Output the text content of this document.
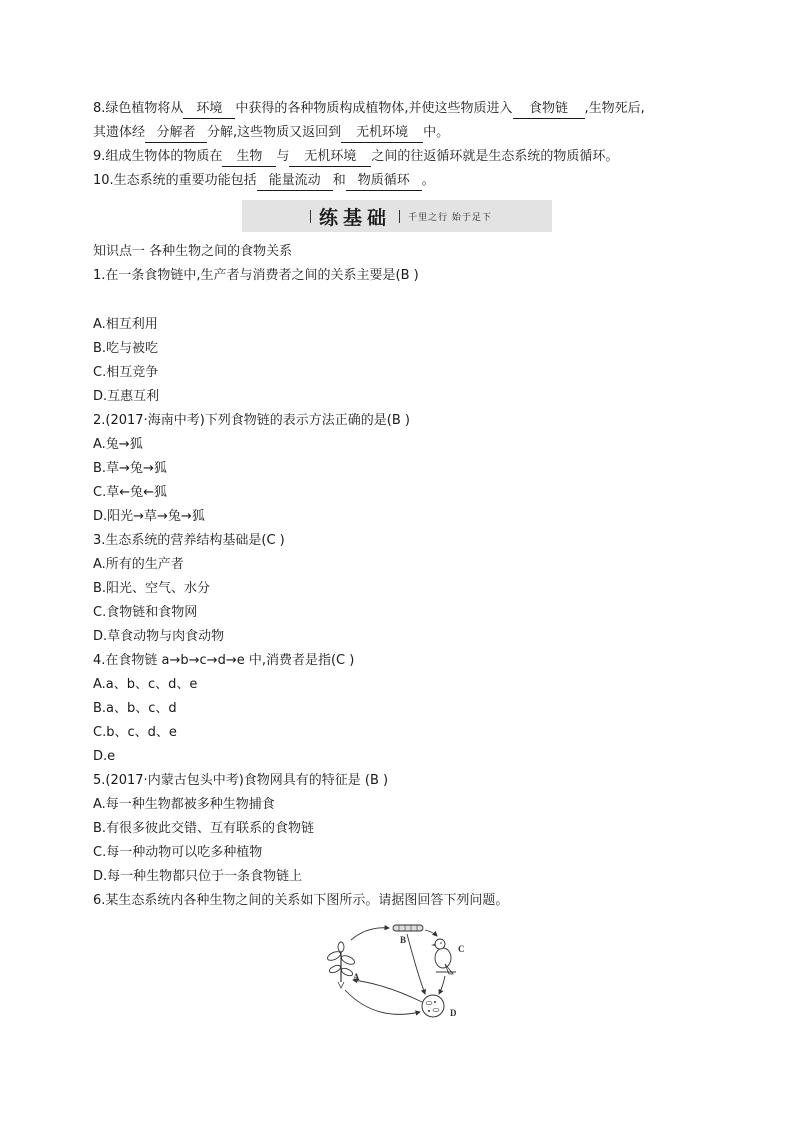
8.绿色植物将从 环境 中获得的各种物质构成植物体,并使这些物质进入 食物链 ,生物死后,
其遗体经 分解者 分解,这些物质又返回到 无机环境 中。
9.组成生物体的物质在 生物 与 无机环境 之间的往返循环就是生态系统的物质循环。
10.生态系统的重要功能包括 能量流动 和 物质循环 。
练基础 千里之行 始于足下
知识点一 各种生物之间的食物关系
1.在一条食物链中,生产者与消费者之间的关系主要是(B )
A.相互利用
B.吃与被吃
C.相互竞争
D.互惠互利
2.(2017·海南中考)下列食物链的表示方法正确的是(B )
A.兔→狐
B.草→兔→狐
C.草←兔←狐
D.阳光→草→兔→狐
3.生态系统的营养结构基础是(C )
A.所有的生产者
B.阳光、空气、水分
C.食物链和食物网
D.草食动物与肉食动物
4.在食物链 a→b→c→d→e 中,消费者是指(C )
A.a、b、c、d、e
B.a、b、c、d
C.b、c、d、e
D.e
5.(2017·内蒙古包头中考)食物网具有的特征是 (B )
A.每一种生物都被多种生物捕食
B.有很多彼此交错、互有联系的食物链
C.每一种动物可以吃多种植物
D.每一种生物都只位于一条食物链上
6.某生态系统内各种生物之间的关系如下图所示。请据图回答下列问题。
A
B
C
D
